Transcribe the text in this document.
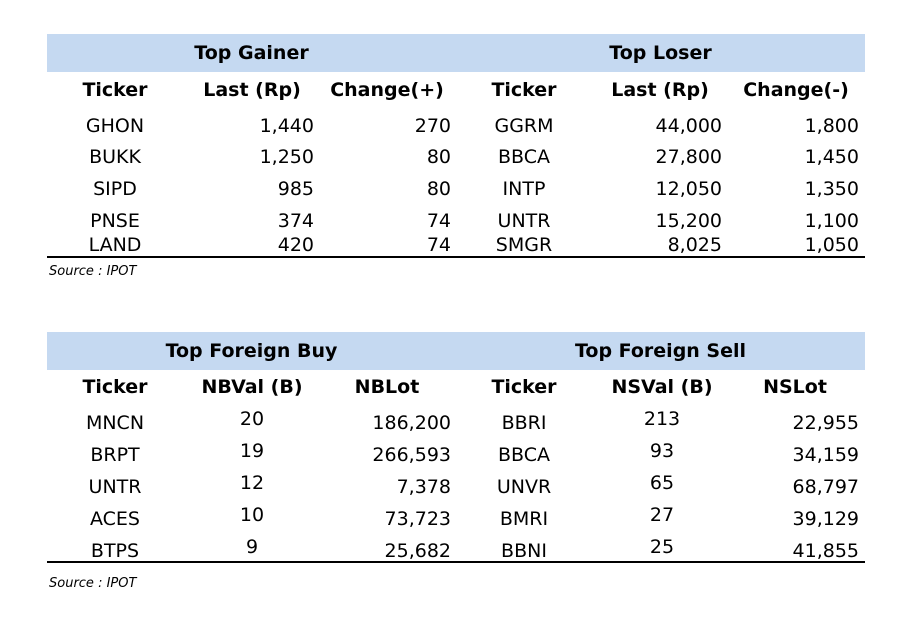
Top Gainer	Top Loser
Ticker	Last (Rp)	Change(+)	Ticker	Last (Rp)	Change(-)
GHON	1,440	270	GGRM	44,000	1,800
BUKK	1,250	80	BBCA	27,800	1,450
SIPD	985	80	INTP	12,050	1,350
PNSE	374	74	UNTR	15,200	1,100
LAND	420	74	SMGR	8,025	1,050
Source : IPOT
Top Foreign Buy	Top Foreign Sell
Ticker	NBVal (B)	NBLot	Ticker	NSVal (B)	NSLot
MNCN	20	186,200	BBRI	213	22,955
BRPT	19	266,593	BBCA	93	34,159
UNTR	12	7,378	UNVR	65	68,797
ACES	10	73,723	BMRI	27	39,129
BTPS	9	25,682	BBNI	25	41,855
Source : IPOT
